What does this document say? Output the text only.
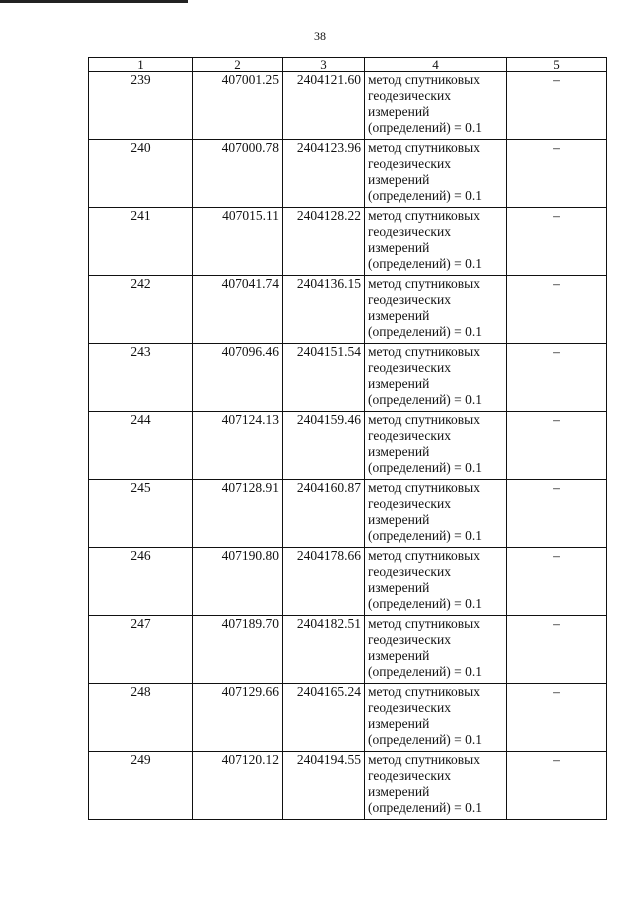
38
1	2	3	4	5
239	407001.25	2404121.60	метод спутниковых
геодезических
измерений
(определений) = 0.1	–
240	407000.78	2404123.96	метод спутниковых
геодезических
измерений
(определений) = 0.1	–
241	407015.11	2404128.22	метод спутниковых
геодезических
измерений
(определений) = 0.1	–
242	407041.74	2404136.15	метод спутниковых
геодезических
измерений
(определений) = 0.1	–
243	407096.46	2404151.54	метод спутниковых
геодезических
измерений
(определений) = 0.1	–
244	407124.13	2404159.46	метод спутниковых
геодезических
измерений
(определений) = 0.1	–
245	407128.91	2404160.87	метод спутниковых
геодезических
измерений
(определений) = 0.1	–
246	407190.80	2404178.66	метод спутниковых
геодезических
измерений
(определений) = 0.1	–
247	407189.70	2404182.51	метод спутниковых
геодезических
измерений
(определений) = 0.1	–
248	407129.66	2404165.24	метод спутниковых
геодезических
измерений
(определений) = 0.1	–
249	407120.12	2404194.55	метод спутниковых
геодезических
измерений
(определений) = 0.1	–
